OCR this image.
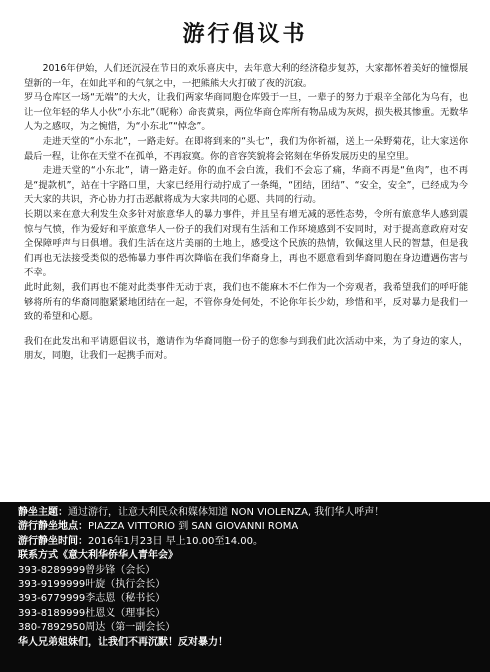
游行倡议书

2016年伊始，人们还沉浸在节日的欢乐喜庆中，去年意大利的经济稳步复苏，大家都怀着美好的憧憬展望新的一年，在如此平和的气氛之中，一把熊熊大火打破了夜的沉寂。

罗马仓库区一场“无端”的大火，让我们两家华商同胞仓库毁于一旦，一辈子的努力于艰辛全部化为乌有，也让一位年轻的华人小伙“小东北”（昵称）命丧黄泉，两位华商仓库所有物品成为灰烬，损失极其惨重。无数华人为之感叹，为之惋惜，为“小东北”“悼念”。

走进天堂的“小东北”，一路走好。在即将到来的“头七”，我们为你祈福，送上一朵野菊花，让大家送你最后一程，让你在天堂不在孤单，不再寂寞。你的音容笑貌将会铭刻在华侨发展历史的星空里。

走进天堂的“小东北”，请一路走好。你的血不会白流，我们不会忘了痛，华商不再是“鱼肉”，也不再是“提款机”，站在十字路口里，大家已经用行动拧成了一条绳，“团结，团结”、“安全，安全”，已经成为今天大家的共识，齐心协力打击恶献将成为大家共同的心愿、共同的行动。

长期以来在意大利发生众多针对旅意华人的暴力事件，并且呈有增无减的恶性态势，令所有旅意华人感到震惊与气愤，作为爱好和平旅意华人一份子的我们对现有生活和工作环境感到不安同时，对于提高意政府对安全保障呼声与日俱增。我们生活在这片美丽的土地上，感受这个民族的热情，钦佩这里人民的智慧，但是我们再也无法接受类似的恐怖暴力事件再次降临在我们华裔身上，再也不愿意看到华裔同胞在身边遭遇伤害与不幸。

此时此刻，我们再也不能对此类事件无动于衷，我们也不能麻木不仁作为一个旁观者，我希望我们的呼吁能够将所有的华裔同胞紧紧地团结在一起，不管你身处何处，不论你年长少幼，珍惜和平，反对暴力是我们一致的希望和心愿。

我们在此发出和平请愿倡议书，邀请作为华裔同胞一份子的您参与到我们此次活动中来，为了身边的家人，朋友，同胞，让我们一起携手而对。

静坐主题：通过游行，让意大利民众和媒体知道 NON VIOLENZA, 我们华人呼声！
游行静坐地点：PIAZZA VITTORIO 到 SAN GIOVANNI ROMA
游行静坐时间：2016年1月23日 早上10.00至14.00。
联系方式《意大利华侨华人青年会》
393-8289999曾步锋（会长）
393-9199999叶旋（执行会长）
393-6779999李志恩（秘书长）
393-8189999杜恩义（理事长）
380-7892950周达（第一副会长）
华人兄弟姐妹们，让我们不再沉默！反对暴力！
